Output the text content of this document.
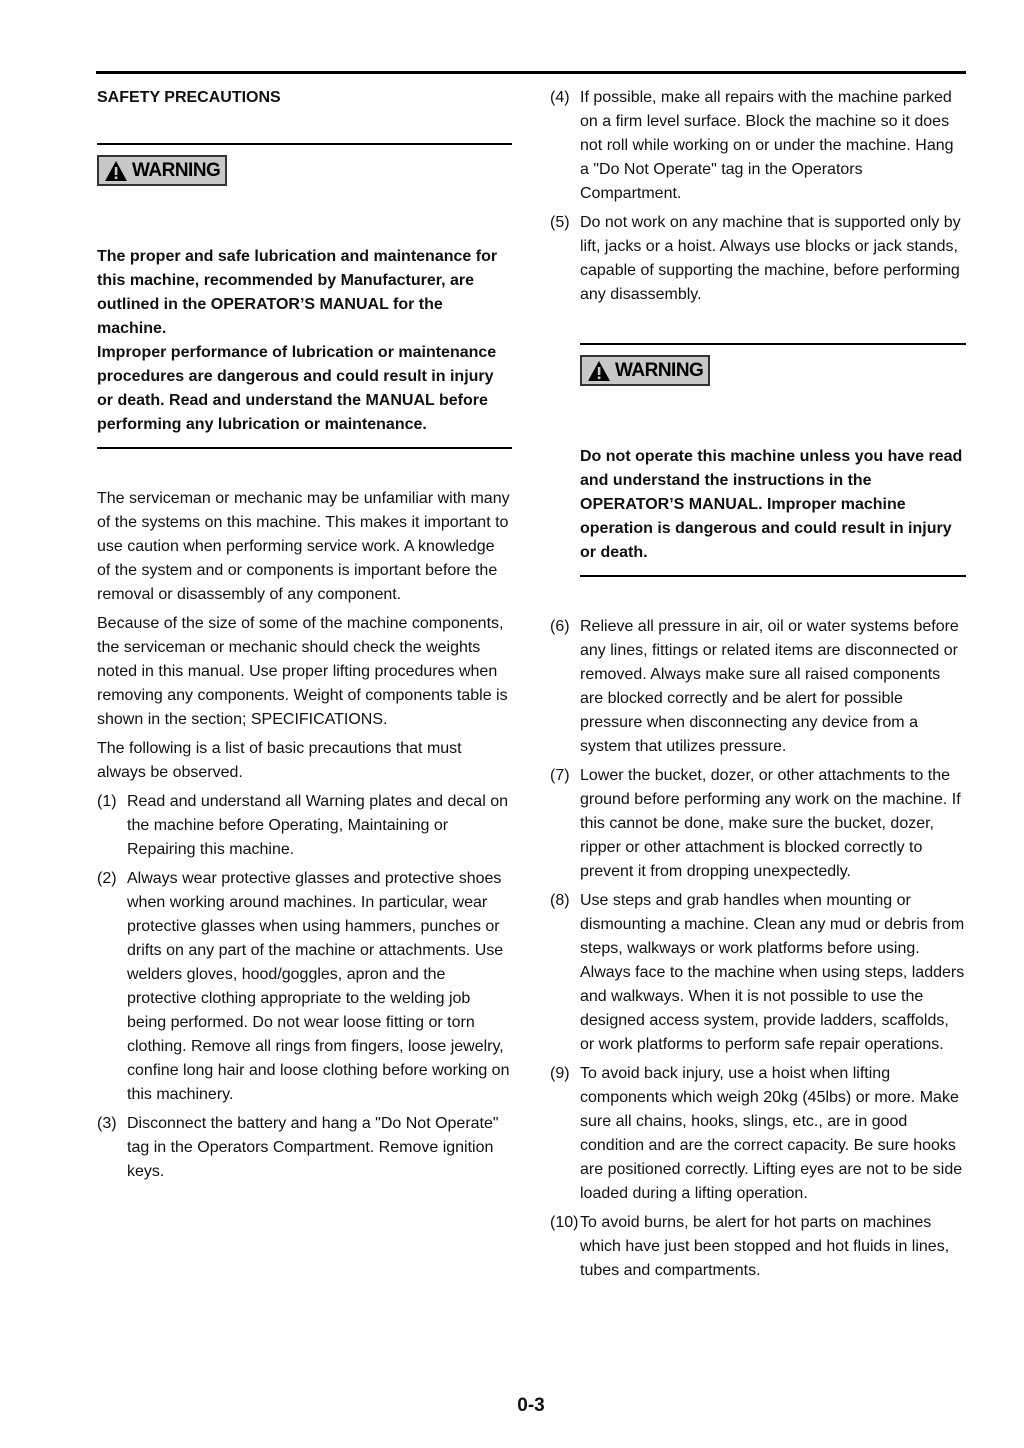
SAFETY PRECAUTIONS
WARNING

The proper and safe lubrication and maintenance for this machine, recommended by Manufacturer, are outlined in the OPERATOR’S MANUAL for the machine.

Improper performance of lubrication or maintenance procedures are dangerous and could result in injury or death. Read and understand the MANUAL before performing any lubrication or maintenance.

The serviceman or mechanic may be unfamiliar with many of the systems on this machine. This makes it important to use caution when performing service work. A knowledge of the system and or components is important before the removal or disassembly of any component.

Because of the size of some of the machine components, the serviceman or mechanic should check the weights noted in this manual. Use proper lifting procedures when removing any components. Weight of components table is shown in the section; SPECIFICATIONS.

The following is a list of basic precautions that must always be observed.

(1) Read and understand all Warning plates and decal on the machine before Operating, Maintaining or Repairing this machine.
(2) Always wear protective glasses and protective shoes when working around machines. In particular, wear protective glasses when using hammers, punches or drifts on any part of the machine or attachments. Use welders gloves, hood/goggles, apron and the protective clothing appropriate to the welding job being performed. Do not wear loose fitting or torn clothing. Remove all rings from fingers, loose jewelry, confine long hair and loose clothing before working on this machinery.
(3) Disconnect the battery and hang a "Do Not Operate" tag in the Operators Compartment. Remove ignition keys.
(4) If possible, make all repairs with the machine parked on a firm level surface. Block the machine so it does not roll while working on or under the machine. Hang a "Do Not Operate" tag in the Operators Compartment.
(5) Do not work on any machine that is supported only by lift, jacks or a hoist. Always use blocks or jack stands, capable of supporting the machine, before performing any disassembly.
WARNING

Do not operate this machine unless you have read and understand the instructions in the OPERATOR’S MANUAL. Improper machine operation is dangerous and could result in injury or death.

(6) Relieve all pressure in air, oil or water systems before any lines, fittings or related items are disconnected or removed. Always make sure all raised components are blocked correctly and be alert for possible pressure when disconnecting any device from a system that utilizes pressure.
(7) Lower the bucket, dozer, or other attachments to the ground before performing any work on the machine. If this cannot be done, make sure the bucket, dozer, ripper or other attachment is blocked correctly to prevent it from dropping unexpectedly.
(8) Use steps and grab handles when mounting or dismounting a machine. Clean any mud or debris from steps, walkways or work platforms before using. Always face to the machine when using steps, ladders and walkways. When it is not possible to use the designed access system, provide ladders, scaffolds, or work platforms to perform safe repair operations.
(9) To avoid back injury, use a hoist when lifting components which weigh 20kg (45lbs) or more. Make sure all chains, hooks, slings, etc., are in good condition and are the correct capacity. Be sure hooks are positioned correctly. Lifting eyes are not to be side loaded during a lifting operation.
(10) To avoid burns, be alert for hot parts on machines which have just been stopped and hot fluids in lines, tubes and compartments.
0-3
